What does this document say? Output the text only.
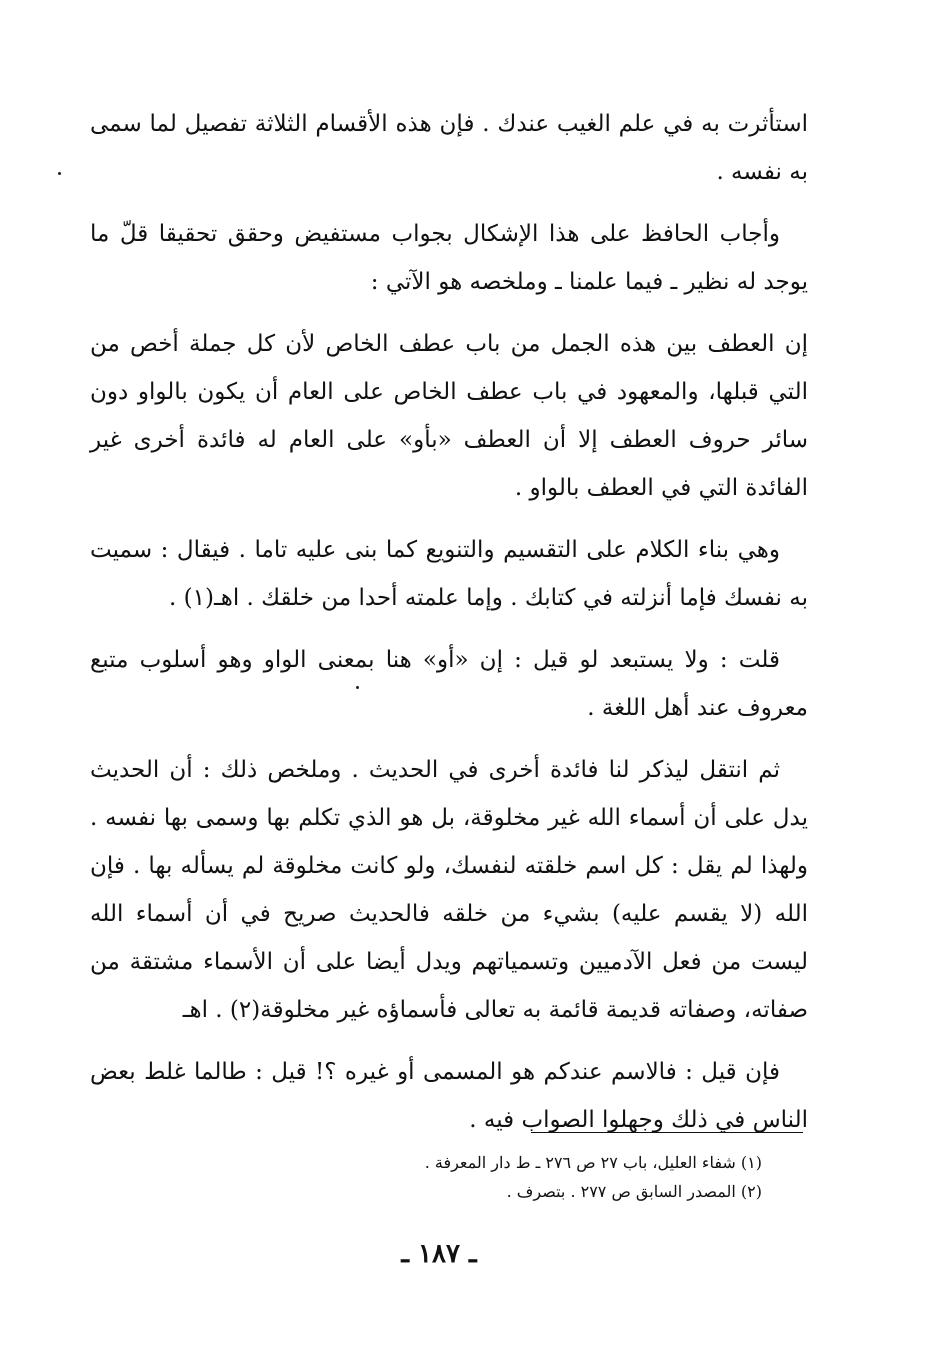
استأثرت به في علم الغيب عندك . فإن هذه الأقسام الثلاثة تفصيل لما سمى به نفسه .

وأجاب الحافظ على هذا الإشكال بجواب مستفيض وحقق تحقيقا قلّ ما يوجد له نظير ـ فيما علمنا ـ وملخصه هو الآتي :

إن العطف بين هذه الجمل من باب عطف الخاص لأن كل جملة أخص من التي قبلها، والمعهود في باب عطف الخاص على العام أن يكون بالواو دون سائر حروف العطف إلا أن العطف «بأو» على العام له فائدة أخرى غير الفائدة التي في العطف بالواو .

وهي بناء الكلام على التقسيم والتنويع كما بنى عليه تاما . فيقال : سميت به نفسك فإما أنزلته في كتابك . وإما علمته أحدا من خلقك . اهـ(١) .

قلت : ولا يستبعد لو قيل : إن «أو» هنا بمعنى الواو وهو أسلوب متبع معروف عند أهل اللغة .

ثم انتقل ليذكر لنا فائدة أخرى في الحديث . وملخص ذلك : أن الحديث يدل على أن أسماء الله غير مخلوقة، بل هو الذي تكلم بها وسمى بها نفسه . ولهذا لم يقل : كل اسم خلقته لنفسك، ولو كانت مخلوقة لم يسأله بها . فإن الله (لا يقسم عليه) بشيء من خلقه فالحديث صريح في أن أسماء الله ليست من فعل الآدميين وتسمياتهم ويدل أيضا على أن الأسماء مشتقة من صفاته، وصفاته قديمة قائمة به تعالى فأسماؤه غير مخلوقة(٢) . اهـ

فإن قيل : فالاسم عندكم هو المسمى أو غيره ؟! قيل : طالما غلط بعض الناس في ذلك وجهلوا الصواب فيه .

(١) شفاء العليل، باب ٢٧ ص ٢٧٦ ـ ط دار المعرفة .

(٢) المصدر السابق ص ٢٧٧ . بتصرف .

ـ ١٨٧ ـ
